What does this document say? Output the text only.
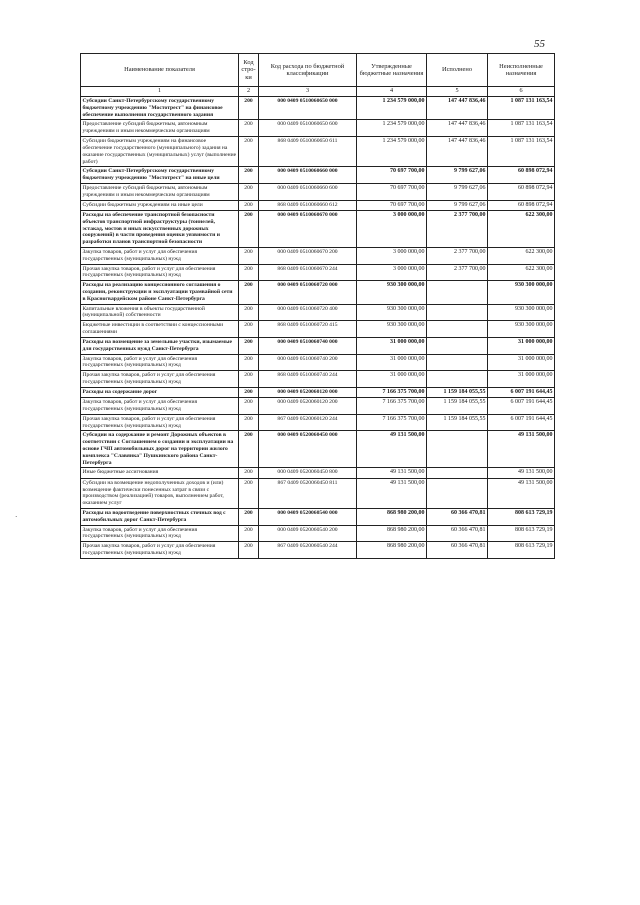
55
·
Наименование показателя	Код стро-ки	Код расхода по бюджетной классификации	Утвержденные бюджетные назначения	Исполнено	Неисполненные назначения
1	2	3	4	5	6
Субсидии Санкт-Петербургскому государственному бюджетному учреждению "Мостотрест" на финансовое обеспечение выполнения государственного задания	200	000 0409 0510060650 000	1 234 579 000,00	147 447 836,46	1 087 131 163,54
Предоставление субсидий бюджетным, автономным учреждениям и иным некоммерческим организациям	200	000 0409 0510060650 600	1 234 579 000,00	147 447 836,46	1 087 131 163,54
Субсидии бюджетным учреждениям на финансовое обеспечение государственного (муниципального) задания на оказание государственных (муниципальных) услуг (выполнение работ)	200	868 0409 0510060650 611	1 234 579 000,00	147 447 836,46	1 087 131 163,54
Субсидии Санкт-Петербургскому государственному бюджетному учреждению "Мостотрест" на иные цели	200	000 0409 0510060660 000	70 697 700,00	9 799 627,06	60 898 072,94
Предоставление субсидий бюджетным, автономным учреждениям и иным некоммерческим организациям	200	000 0409 0510060660 600	70 697 700,00	9 799 627,06	60 898 072,94
Субсидии бюджетным учреждениям на иные цели	200	868 0409 0510060660 612	70 697 700,00	9 799 627,06	60 898 072,94
Расходы на обеспечение транспортной безопасности объектов транспортной инфраструктуры (тоннелей, эстакад, мостов и иных искусственных дорожных сооружений) в части проведения оценки уязвимости и разработки планов транспортной безопасности	200	000 0409 0510060670 000	3 000 000,00	2 377 700,00	622 300,00
Закупка товаров, работ и услуг для обеспечения государственных (муниципальных) нужд	200	000 0409 0510060670 200	3 000 000,00	2 377 700,00	622 300,00
Прочая закупка товаров, работ и услуг для обеспечения государственных (муниципальных) нужд	200	868 0409 0510060670 244	3 000 000,00	2 377 700,00	622 300,00
Расходы на реализацию концессионного соглашения о создании, реконструкции и эксплуатации трамвайной сети в Красногвардейском районе Санкт-Петербурга	200	000 0409 0510060720 000	930 300 000,00		930 300 000,00
Капитальные вложения в объекты государственной (муниципальной) собственности	200	000 0409 0510060720 400	930 300 000,00		930 300 000,00
Бюджетные инвестиции в соответствии с концессионными соглашениями	200	868 0409 0510060720 415	930 300 000,00		930 300 000,00
Расходы на возмещение за земельные участки, изымаемые для государственных нужд Санкт-Петербурга	200	000 0409 0510060740 000	31 000 000,00		31 000 000,00
Закупка товаров, работ и услуг для обеспечения государственных (муниципальных) нужд	200	000 0409 0510060740 200	31 000 000,00		31 000 000,00
Прочая закупка товаров, работ и услуг для обеспечения государственных (муниципальных) нужд	200	868 0409 0510060740 244	31 000 000,00		31 000 000,00
Расходы на содержание дорог	200	000 0409 0520060120 000	7 166 375 700,00	1 159 184 055,55	6 007 191 644,45
Закупка товаров, работ и услуг для обеспечения государственных (муниципальных) нужд	200	000 0409 0520060120 200	7 166 375 700,00	1 159 184 055,55	6 007 191 644,45
Прочая закупка товаров, работ и услуг для обеспечения государственных (муниципальных) нужд	200	867 0409 0520060120 244	7 166 375 700,00	1 159 184 055,55	6 007 191 644,45
Субсидии на содержание и ремонт Дорожных объектов в соответствии с Соглашением о создании и эксплуатации на основе ГЧП автомобильных дорог на территории жилого комплекса "Славянка" Пушкинского района Санкт-Петербурга	200	000 0409 0520060450 000	49 131 500,00		49 131 500,00
Иные бюджетные ассигнования	200	000 0409 0520060450 800	49 131 500,00		49 131 500,00
Субсидии на возмещение недополученных доходов и (или) возмещение фактически понесенных затрат в связи с производством (реализацией) товаров, выполнением работ, оказанием услуг	200	867 0409 0520060450 811	49 131 500,00		49 131 500,00
Расходы на водоотведение поверхностных сточных вод с автомобильных дорог Санкт-Петербурга	200	000 0409 0520060540 000	868 980 200,00	60 366 470,81	808 613 729,19
Закупка товаров, работ и услуг для обеспечения государственных (муниципальных) нужд	200	000 0409 0520060540 200	868 980 200,00	60 366 470,81	808 613 729,19
Прочая закупка товаров, работ и услуг для обеспечения государственных (муниципальных) нужд	200	867 0409 0520060540 244	868 980 200,00	60 366 470,81	808 613 729,19
